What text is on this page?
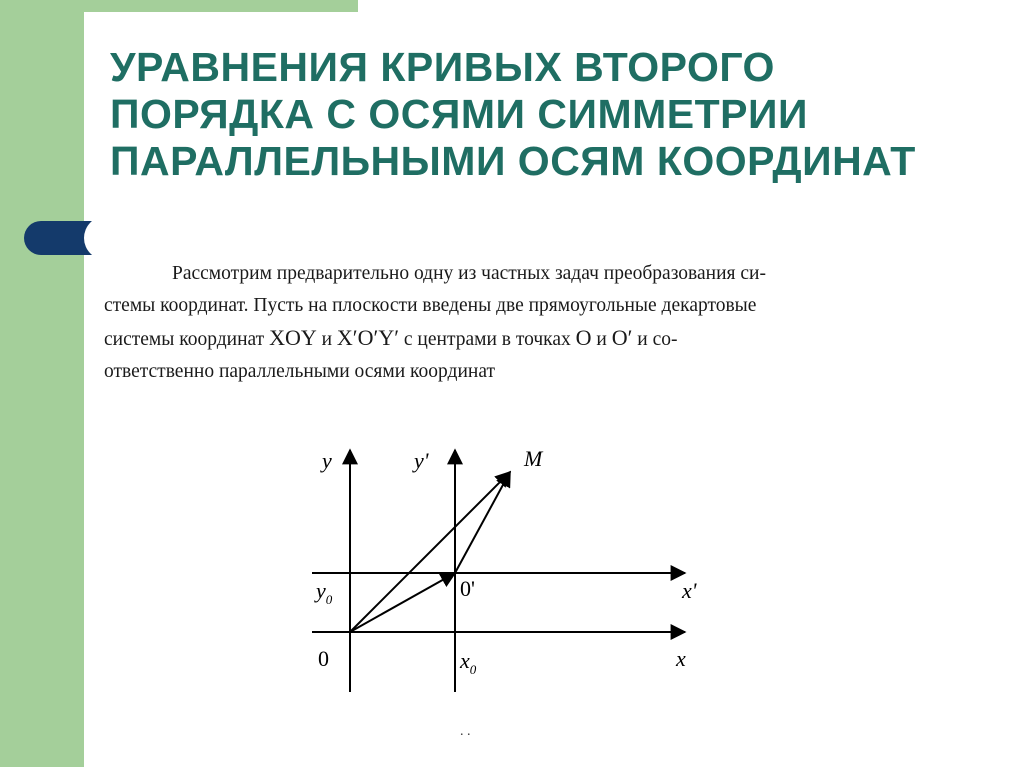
УРАВНЕНИЯ КРИВЫХ ВТОРОГО ПОРЯДКА С ОСЯМИ СИММЕТРИИ ПАРАЛЛЕЛЬНЫМИ ОСЯМ КООРДИНАТ

Рассмотрим предварительно одну из частных задач преобразования си-

стемы координат. Пусть на плоскости введены две прямоугольные декартовые

системы координат XOY и X′O′Y′ с центрами в точках O и O′ и со-

ответственно параллельными осями координат

y	y'	M
$y_0$	0'	x'
0	$x_0$	x
. .
